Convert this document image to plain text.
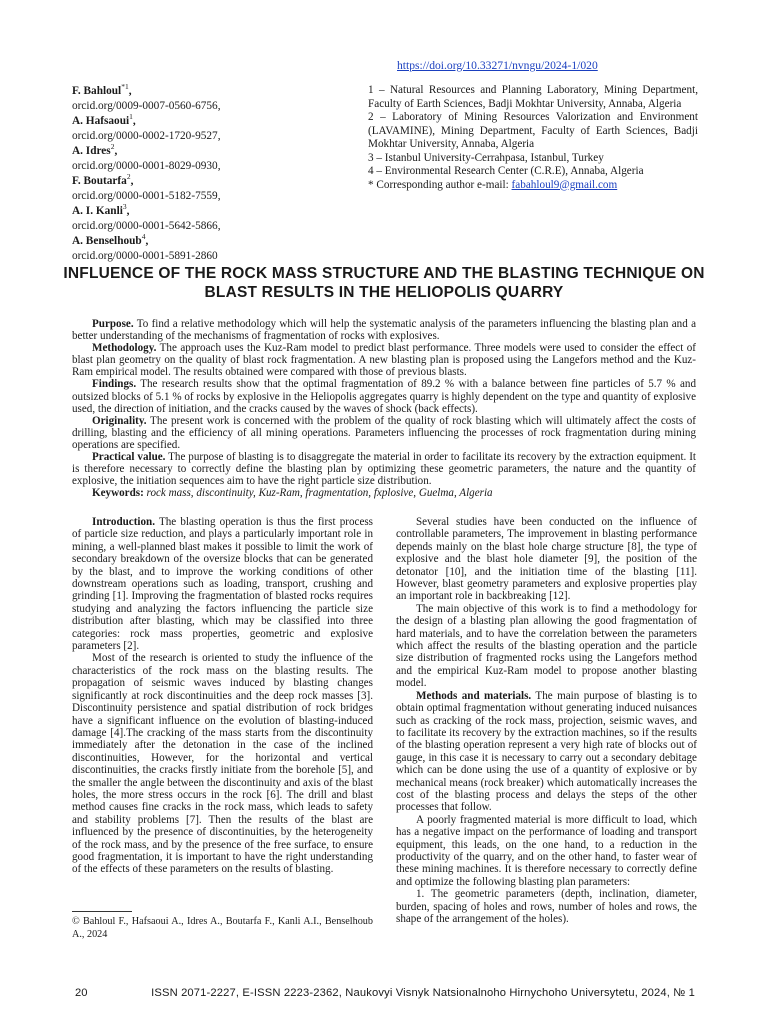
https://doi.org/10.33271/nvngu/2024-1/020
F. Bahloul$^{*1}$,
orcid.org/0009-0007-0560-6756,
A. Hafsaoui$^1$,
orcid.org/0000-0002-1720-9527,
A. Idres$^2$,
orcid.org/0000-0001-8029-0930,
F. Boutarfa$^2$,
orcid.org/0000-0001-5182-7559,
A. I. Kanli$^3$,
orcid.org/0000-0001-5642-5866,
A. Benselhoub$^4$,
orcid.org/0000-0001-5891-2860

1 – Natural Resources and Planning Laboratory, Mining Department, Faculty of Earth Sciences, Badji Mokhtar University, Annaba, Algeria

2 – Laboratory of Mining Resources Valorization and Environment (LAVAMINE), Mining Department, Faculty of Earth Sciences, Badji Mokhtar University, Annaba, Algeria

3 – Istanbul University-Cerrahpasa, Istanbul, Turkey

4 – Environmental Research Center (C.R.E), Annaba, Algeria

* Corresponding author e-mail: fabahloul9@gmail.com

INFLUENCE OF THE ROCK MASS STRUCTURE AND THE BLASTING TECHNIQUE ON BLAST RESULTS IN THE HELIOPOLIS QUARRY

Purpose. To find a relative methodology which will help the systematic analysis of the parameters influencing the blasting plan and a better understanding of the mechanisms of fragmentation of rocks with explosives.

Methodology. The approach uses the Kuz-Ram model to predict blast performance. Three models were used to consider the effect of blast plan geometry on the quality of blast rock fragmentation. A new blasting plan is proposed using the Langefors method and the Kuz-Ram empirical model. The results obtained were compared with those of previous blasts.

Findings. The research results show that the optimal fragmentation of 89.2 % with a balance between fine particles of 5.7 % and outsized blocks of 5.1 % of rocks by explosive in the Heliopolis aggregates quarry is highly dependent on the type and quantity of explosive used, the direction of initiation, and the cracks caused by the waves of shock (back effects).

Originality. The present work is concerned with the problem of the quality of rock blasting which will ultimately affect the costs of drilling, blasting and the efficiency of all mining operations. Parameters influencing the processes of rock fragmentation during mining operations are specified.

Practical value. The purpose of blasting is to disaggregate the material in order to facilitate its recovery by the extraction equipment. It is therefore necessary to correctly define the blasting plan by optimizing these geometric parameters, the nature and the quantity of explosive, the initiation sequences aim to have the right particle size distribution.

Keywords: rock mass, discontinuity, Kuz-Ram, fragmentation, fxplosive, Guelma, Algeria

Introduction. The blasting operation is thus the first process of particle size reduction, and plays a particularly important role in mining, a well-planned blast makes it possible to limit the work of secondary breakdown of the oversize blocks that can be generated by the blast, and to improve the working conditions of other downstream operations such as loading, transport, crushing and grinding [1]. Improving the fragmentation of blasted rocks requires studying and analyzing the factors influencing the particle size distribution after blasting, which may be classified into three categories: rock mass properties, geometric and explosive parameters [2].

Most of the research is oriented to study the influence of the characteristics of the rock mass on the blasting results. The propagation of seismic waves induced by blasting changes significantly at rock discontinuities and the deep rock masses [3]. Discontinuity persistence and spatial distribution of rock bridges have a significant influence on the evolution of blasting-induced damage [4].The cracking of the mass starts from the discontinuity immediately after the detonation in the case of the inclined discontinuities, However, for the horizontal and vertical discontinuities, the cracks firstly initiate from the borehole [5], and the smaller the angle between the discontinuity and axis of the blast holes, the more stress occurs in the rock [6]. The drill and blast method causes fine cracks in the rock mass, which leads to safety and stability problems [7]. Then the results of the blast are influenced by the presence of discontinuities, by the heterogeneity of the rock mass, and by the presence of the free surface, to ensure good fragmentation, it is important to have the right understanding of the effects of these parameters on the results of blasting.

Several studies have been conducted on the influence of controllable parameters, The improvement in blasting performance depends mainly on the blast hole charge structure [8], the type of explosive and the blast hole diameter [9], the position of the detonator [10], and the initiation time of the blasting [11]. However, blast geometry parameters and explosive properties play an important role in backbreaking [12].

The main objective of this work is to find a methodology for the design of a blasting plan allowing the good fragmentation of hard materials, and to have the correlation between the parameters which affect the results of the blasting operation and the particle size distribution of fragmented rocks using the Langefors method and the empirical Kuz-Ram model to propose another blasting model.

Methods and materials. The main purpose of blasting is to obtain optimal fragmentation without generating induced nuisances such as cracking of the rock mass, projection, seismic waves, and to facilitate its recovery by the extraction machines, so if the results of the blasting operation represent a very high rate of blocks out of gauge, in this case it is necessary to carry out a secondary debitage which can be done using the use of a quantity of explosive or by mechanical means (rock breaker) which automatically increases the cost of the blasting process and delays the steps of the other processes that follow.

A poorly fragmented material is more difficult to load, which has a negative impact on the performance of loading and transport equipment, this leads, on the one hand, to a reduction in the productivity of the quarry, and on the other hand, to faster wear of these mining machines. It is therefore necessary to correctly define and optimize the following blasting plan parameters:

1. The geometric parameters (depth, inclination, diameter, burden, spacing of holes and rows, number of holes and rows, the shape of the arrangement of the holes).

© Bahloul F., Hafsaoui A., Idres A., Boutarfa F., Kanli A.I., Benselhoub A., 2024
20	ISSN 2071-2227, E-ISSN 2223-2362, Naukovyi Visnyk Natsionalnoho Hirnychoho Universytetu, 2024, № 1
